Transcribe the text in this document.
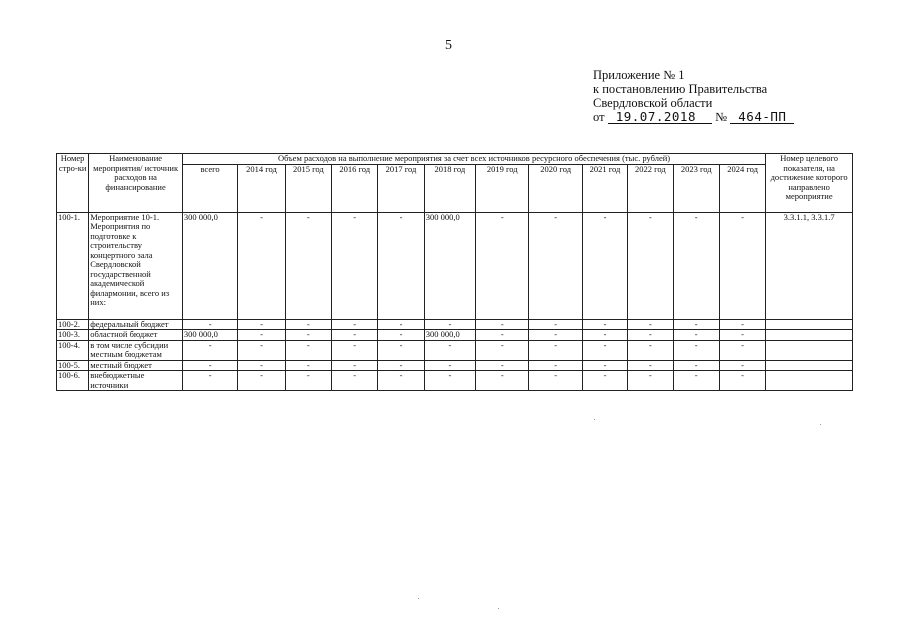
5
Приложение № 1
к постановлению Правительства
Свердловской области
от 19.07.2018 № 464-ПП
Номер стро-ки	Наименование мероприятия/ источник расходов на финансирование	Объем расходов на выполнение мероприятия за счет всех источников ресурсного обеспечения (тыс. рублей)												Номер целевого показателя, на достижение которого направлено мероприятие
		всего	2014 год	2015 год	2016 год	2017 год	2018 год	2019 год	2020 год	2021 год	2022 год	2023 год	2024 год	
100-1.	Мероприятие 10-1. Мероприятия по подготовке к строительству концертного зала Свердловской государственной академической филармонии, всего из них:	300 000,0	-	-	-	-	300 000,0	-	-	-	-	-	-	3.3.1.1, 3.3.1.7
100-2.	федеральный бюджет	-	-	-	-	-	-	-	-	-	-	-	-	
100-3.	областной бюджет	300 000,0	-	-	-	-	300 000,0	-	-	-	-	-	-	
100-4.	в том числе субсидии местным бюджетам	-	-	-	-	-	-	-	-	-	-	-	-	
100-5.	местный бюджет	-	-	-	-	-	-	-	-	-	-	-	-	
100-6.	внебюджетные источники	-	-	-	-	-	-	-	-	-	-	-	-	
